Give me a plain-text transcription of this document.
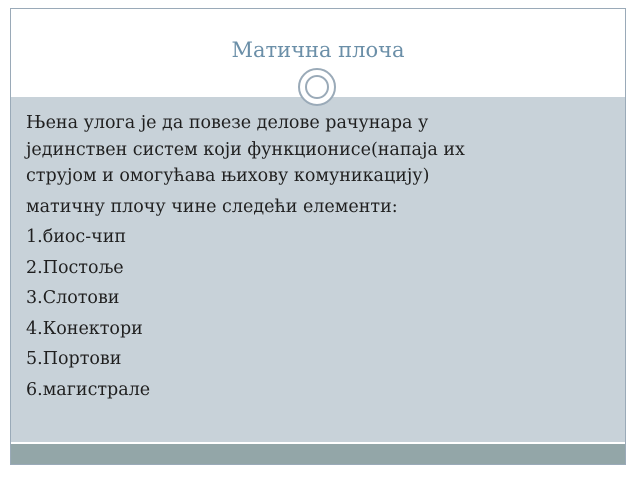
Матична плоча
Њена улога је да повезе делове рачунара у
јединствен систем који функционисе(напаја их
струјом и омогућава њихову комуникацију)
матичну плочу чине следећи елементи:
1.биос-чип
2.Постоље
3.Слотови
4.Конектори
5.Портови
6.магистрале
